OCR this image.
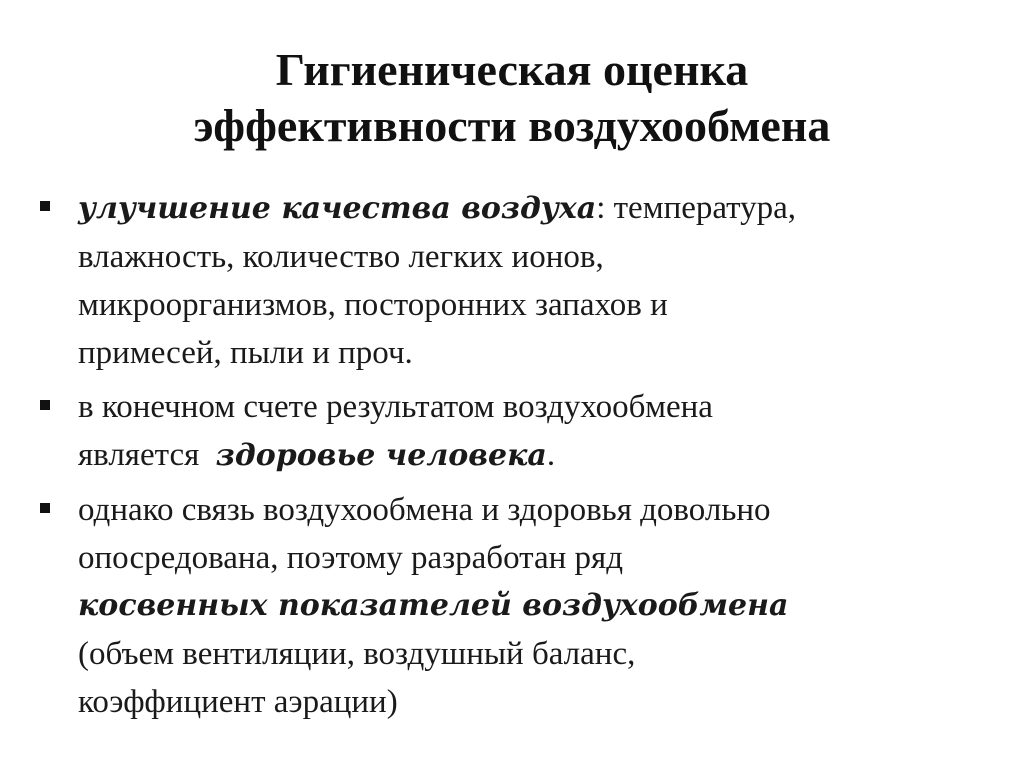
Гигиеническая оценка
эффективности воздухообмена
улучшение качества воздуха: температура,
влажность, количество легких ионов,
микроорганизмов, посторонних запахов и
примесей, пыли и проч.
в конечном счете результатом воздухообмена
является  здоровье человека.
однако связь воздухообмена и здоровья довольно
опосредована, поэтому разработан ряд
косвенных показателей воздухообмена
(объем вентиляции, воздушный баланс,
коэффициент аэрации)
